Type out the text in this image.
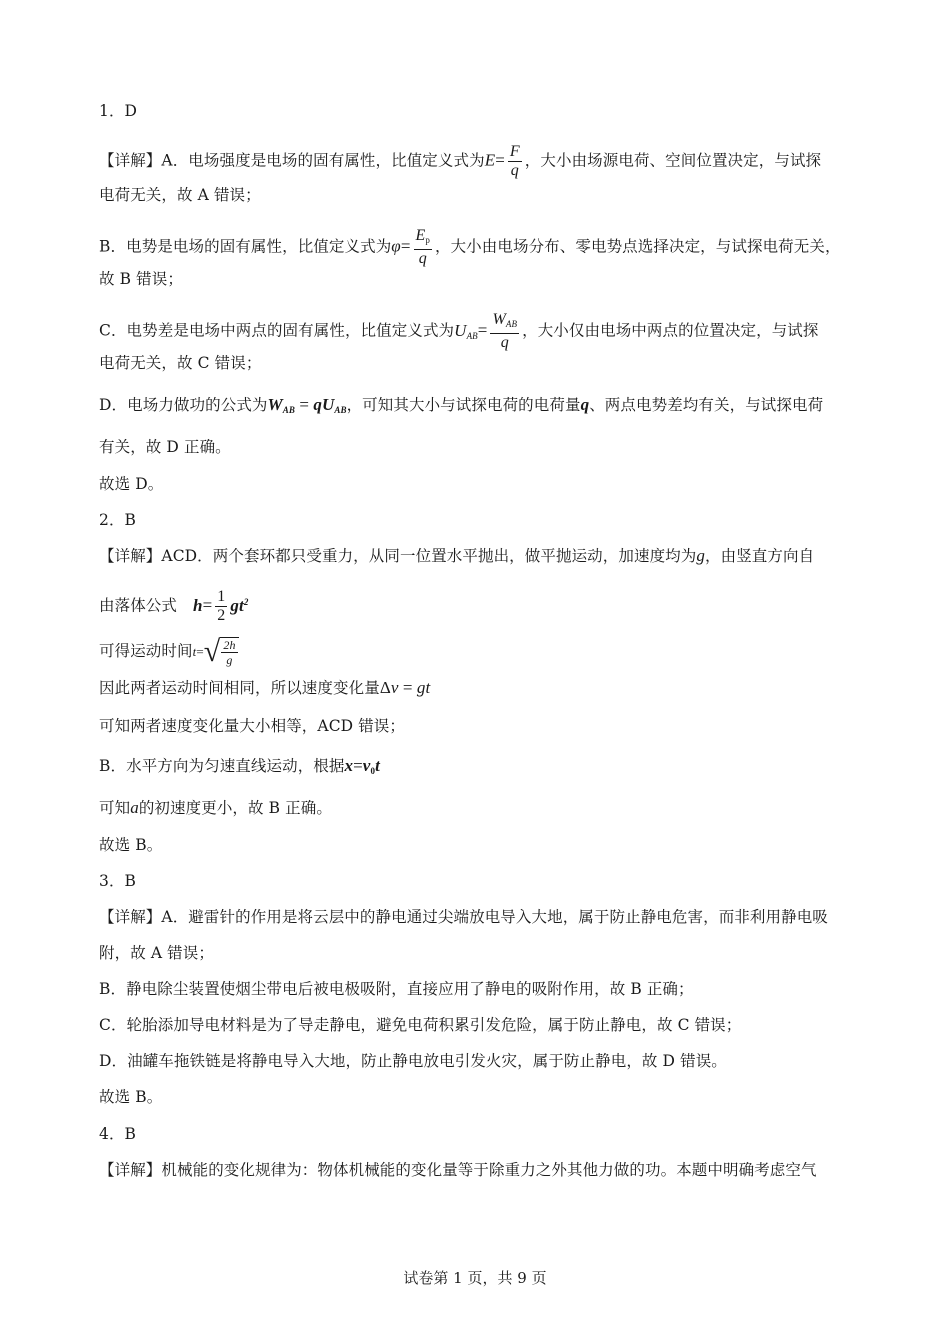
1．D
【详解】A．电场强度是电场的固有属性，比值定义式为$E= \frac{F}{q}$ ，大小由场源电荷、空间位置决定，与试探
电荷无关，故 A 错误；
B．电势是电场的固有属性，比值定义式为$\varphi= \frac{E_p}{q}$ ，大小由电场分布、零电势点选择决定，与试探电荷无关，
故 B 错误；
C．电势差是电场中两点的固有属性，比值定义式为$U_{AB}= \frac{W_{AB}}{q}$ ，大小仅由电场中两点的位置决定，与试探
电荷无关，故 C 错误；
D．电场力做功的公式为$W_{AB} = qU_{AB}$，可知其大小与试探电荷的电荷量q、两点电势差均有关，与试探电荷
有关，故 D 正确。
故选 D。
2．B
【详解】ACD．两个套环都只受重力，从同一位置水平抛出，做平抛运动，加速度均为g，由竖直方向自
由落体公式 $h= \frac{1}{2} gt^2$
可得运动时间$t=√ \frac{2h}{g}$
因此两者运动时间相同，所以速度变化量Δv = gt
可知两者速度变化量大小相等，ACD 错误；
B．水平方向为匀速直线运动，根据$x=v_0t$
可知a的初速度更小，故 B 正确。
故选 B。
3．B
【详解】A．避雷针的作用是将云层中的静电通过尖端放电导入大地，属于防止静电危害，而非利用静电吸
附，故 A 错误；
B．静电除尘装置使烟尘带电后被电极吸附，直接应用了静电的吸附作用，故 B 正确；
C．轮胎添加导电材料是为了导走静电，避免电荷积累引发危险，属于防止静电，故 C 错误；
D．油罐车拖铁链是将静电导入大地，防止静电放电引发火灾，属于防止静电，故 D 错误。
故选 B。
4．B
【详解】机械能的变化规律为：物体机械能的变化量等于除重力之外其他力做的功。本题中明确考虑空气
试卷第 1 页，共 9 页
